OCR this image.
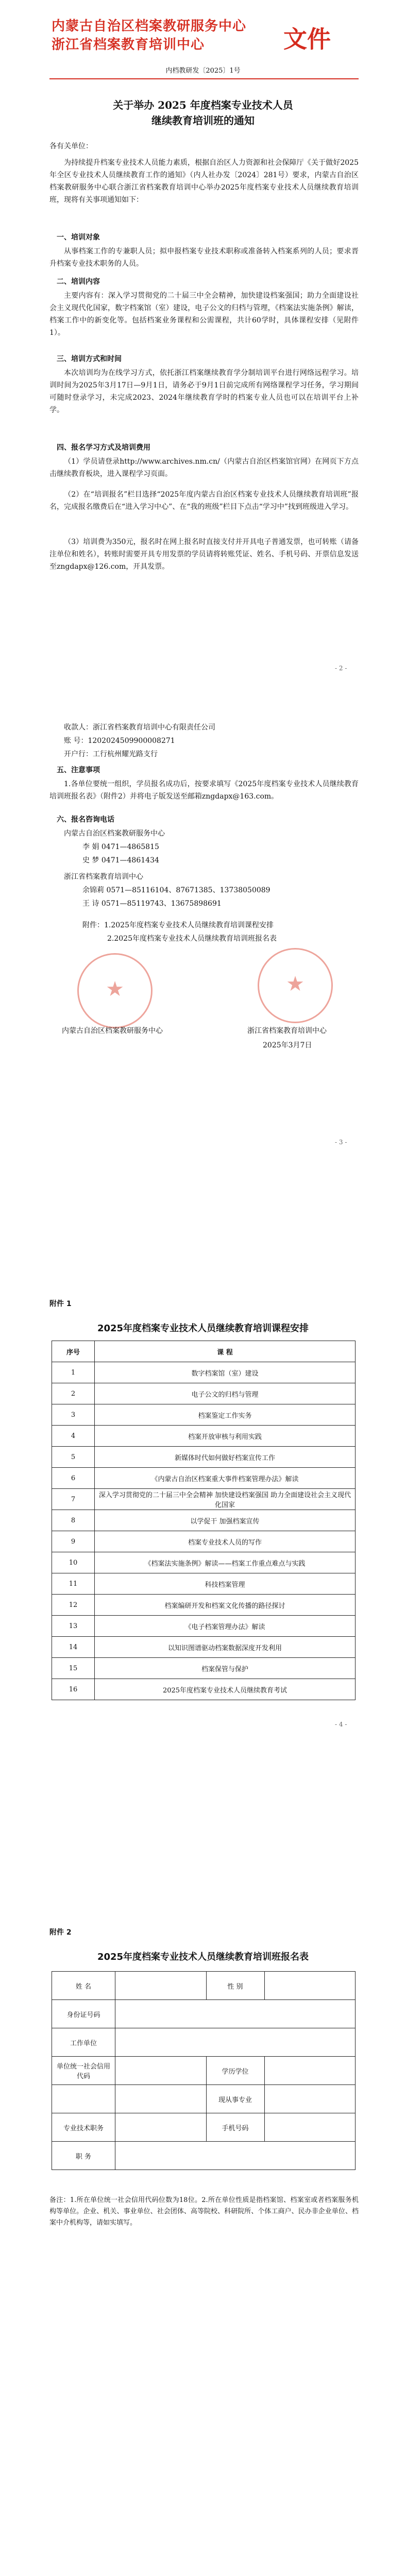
内蒙古自治区档案教研服务中心
浙江省档案教育培训中心	文件
内档教研发〔2025〕1号
关于举办 2025 年度档案专业技术人员
继续教育培训班的通知
各有关单位：
为持续提升档案专业技术人员能力素质，根据自治区人力资源和社会保障厅《关于做好2025年全区专业技术人员继续教育工作的通知》（内人社办发〔2024〕281号）要求，内蒙古自治区档案教研服务中心联合浙江省档案教育培训中心举办2025年度档案专业技术人员继续教育培训班，现将有关事项通知如下：
一、培训对象
从事档案工作的专兼职人员；拟申报档案专业技术职称或准备转入档案系列的人员；要求晋升档案专业技术职务的人员。
二、培训内容
主要内容有：深入学习贯彻党的二十届三中全会精神，加快建设档案强国；助力全面建设社会主义现代化国家，数字档案馆（室）建设，电子公文的归档与管理，《档案法实施条例》解读，档案工作中的新变化等。包括档案业务课程和公需课程，共计60学时，具体课程安排（见附件1）。
三、培训方式和时间
本次培训均为在线学习方式，依托浙江档案继续教育学分制培训平台进行网络远程学习。培训时间为2025年3月17日—9月1日，请务必于9月1日前完成所有网络课程学习任务，学习期间可随时登录学习，未完成2023、2024年继续教育学时的档案专业人员也可以在培训平台上补学。
四、报名学习方式及培训费用
（1）学员请登录http://www.archives.nm.cn/（内蒙古自治区档案馆官网）在网页下方点击继续教育板块，进入课程学习页面。
（2）在“培训报名”栏目选择“2025年度内蒙古自治区档案专业技术人员继续教育培训班”报名，完成报名缴费后在“进入学习中心”、在“我的班级”栏目下点击“学习中”找到班级进入学习。
（3）培训费为350元，报名时在网上报名时直接支付并开具电子普通发票，也可转账（请备注单位和姓名），转账时需要开具专用发票的学员请将转账凭证、姓名、手机号码、开票信息发送至zngdapx@126.com，开具发票。
- 2 -
收款人：浙江省档案教育培训中心有限责任公司
账 号：1202024509900008271
开户行：工行杭州耀光路支行
五、注意事项
1.各单位要统一组织，学员报名成功后，按要求填写《2025年度档案专业技术人员继续教育培训班报名表》（附件2）并将电子版发送至邮箱zngdapx@163.com。
六、报名咨询电话
内蒙古自治区档案教研服务中心
李 娟 0471—4865815
史 梦 0471—4861434
浙江省档案教育培训中心
余锦莉 0571—85116104、87671385、13738050089
王 诗 0571—85119743、13675898691
附件：1.2025年度档案专业技术人员继续教育培训课程安排
2.2025年度档案专业技术人员继续教育培训班报名表
★	★
内蒙古自治区档案教研服务中心	浙江省档案教育培训中心
2025年3月7日
- 3 -
附件 1
2025年度档案专业技术人员继续教育培训课程安排
序号	课 程
1	数字档案馆（室）建设
2	电子公文的归档与管理
3	档案鉴定工作实务
4	档案开放审核与利用实践
5	新媒体时代如何做好档案宣传工作
6	《内蒙古自治区档案重大事件档案管理办法》解读
7	深入学习贯彻党的二十届三中全会精神 加快建设档案强国 助力全面建设社会主义现代化国家
8	以学促干 加强档案宣传
9	档案专业技术人员的写作
10	《档案法实施条例》解读——档案工作重点难点与实践
11	科技档案管理
12	档案编研开发和档案文化传播的路径探讨
13	《电子档案管理办法》解读
14	以知识图谱驱动档案数据深度开发利用
15	档案保管与保护
16	2025年度档案专业技术人员继续教育考试
- 4 -
附件 2
2025年度档案专业技术人员继续教育培训班报名表
姓 名		性 别	
身份证号码			
工作单位			
单位统一社会信用代码		学历学位	
		现从事专业	
专业技术职务		手机号码	
职 务			
备注：1.所在单位统一社会信用代码位数为18位。2.所在单位性质是指档案馆、档案室或者档案服务机构等单位。企业、机关、事业单位、社会团体、高等院校、科研院所、个体工商户、民办非企业单位、档案中介机构等，请如实填写。
